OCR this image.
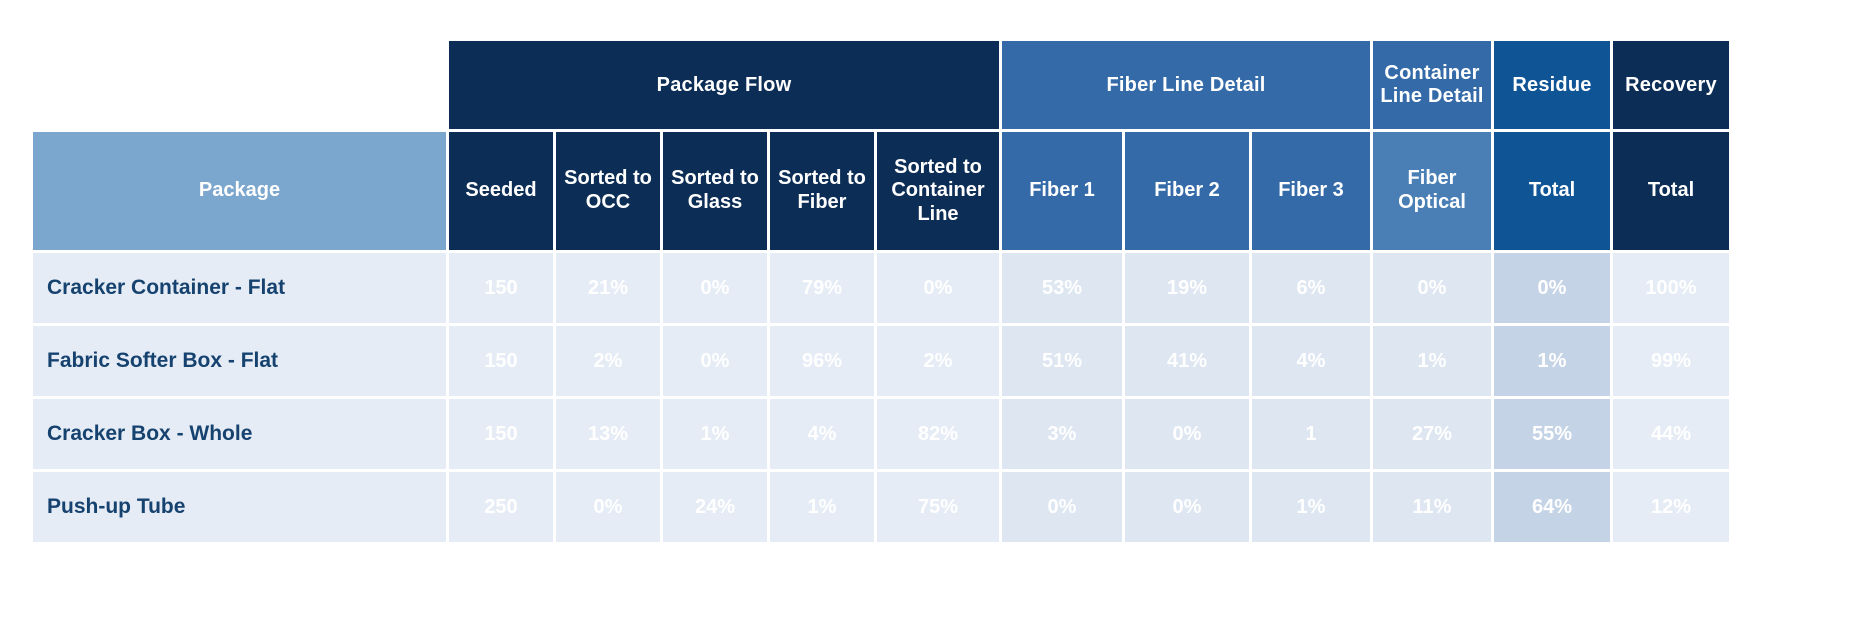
	Package Flow					Fiber Line Detail			Container Line Detail	Residue	Recovery
Package	Seeded	Sorted to OCC	Sorted to Glass	Sorted to Fiber	Sorted to Container Line	Fiber 1	Fiber 2	Fiber 3	Fiber Optical	Total	Total
Cracker Container - Flat	150	21%	0%	79%	0%	53%	19%	6%	0%	0%	100%
Fabric Softer Box - Flat	150	2%	0%	96%	2%	51%	41%	4%	1%	1%	99%
Cracker Box - Whole	150	13%	1%	4%	82%	3%	0%	1	27%	55%	44%
Push-up Tube	250	0%	24%	1%	75%	0%	0%	1%	11%	64%	12%
